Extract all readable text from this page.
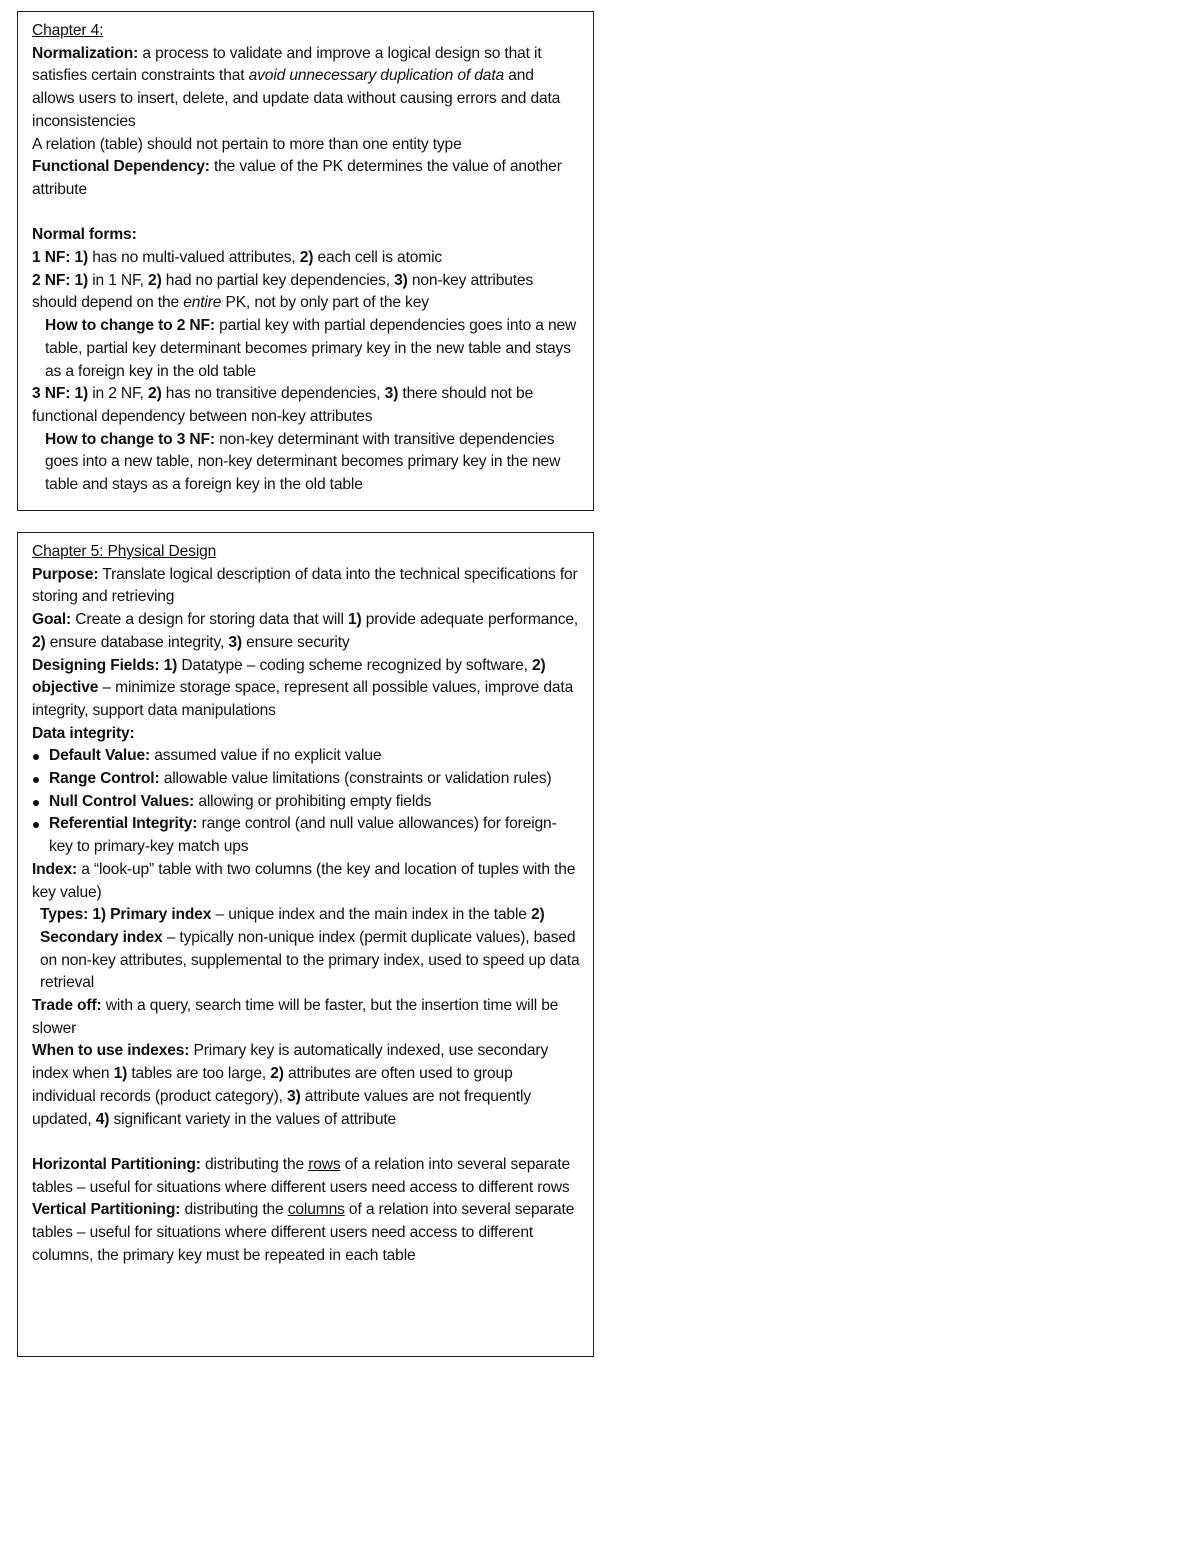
Chapter 4:
Normalization: a process to validate and improve a logical design so that it satisfies certain constraints that avoid unnecessary duplication of data and allows users to insert, delete, and update data without causing errors and data inconsistencies
A relation (table) should not pertain to more than one entity type
Functional Dependency: the value of the PK determines the value of another attribute
Normal forms:
1 NF: 1) has no multi-valued attributes, 2) each cell is atomic
2 NF: 1) in 1 NF, 2) had no partial key dependencies, 3) non-key attributes should depend on the entire PK, not by only part of the key
How to change to 2 NF: partial key with partial dependencies goes into a new table, partial key determinant becomes primary key in the new table and stays as a foreign key in the old table
3 NF: 1) in 2 NF, 2) has no transitive dependencies, 3) there should not be functional dependency between non-key attributes
How to change to 3 NF: non-key determinant with transitive dependencies goes into a new table, non-key determinant becomes primary key in the new table and stays as a foreign key in the old table
Chapter 5: Physical Design
Purpose: Translate logical description of data into the technical specifications for storing and retrieving
Goal: Create a design for storing data that will 1) provide adequate performance, 2) ensure database integrity, 3) ensure security
Designing Fields: 1) Datatype – coding scheme recognized by software, 2) objective – minimize storage space, represent all possible values, improve data integrity, support data manipulations
Data integrity:
Default Value: assumed value if no explicit value
Range Control: allowable value limitations (constraints or validation rules)
Null Control Values: allowing or prohibiting empty fields
Referential Integrity: range control (and null value allowances) for foreign-key to primary-key match ups
Index: a “look-up” table with two columns (the key and location of tuples with the key value)
Types: 1) Primary index – unique index and the main index in the table 2) Secondary index – typically non-unique index (permit duplicate values), based on non-key attributes, supplemental to the primary index, used to speed up data retrieval
Trade off: with a query, search time will be faster, but the insertion time will be slower
When to use indexes: Primary key is automatically indexed, use secondary index when 1) tables are too large, 2) attributes are often used to group individual records (product category), 3) attribute values are not frequently updated, 4) significant variety in the values of attribute
Horizontal Partitioning: distributing the rows of a relation into several separate tables – useful for situations where different users need access to different rows
Vertical Partitioning: distributing the columns of a relation into several separate tables – useful for situations where different users need access to different columns, the primary key must be repeated in each table
